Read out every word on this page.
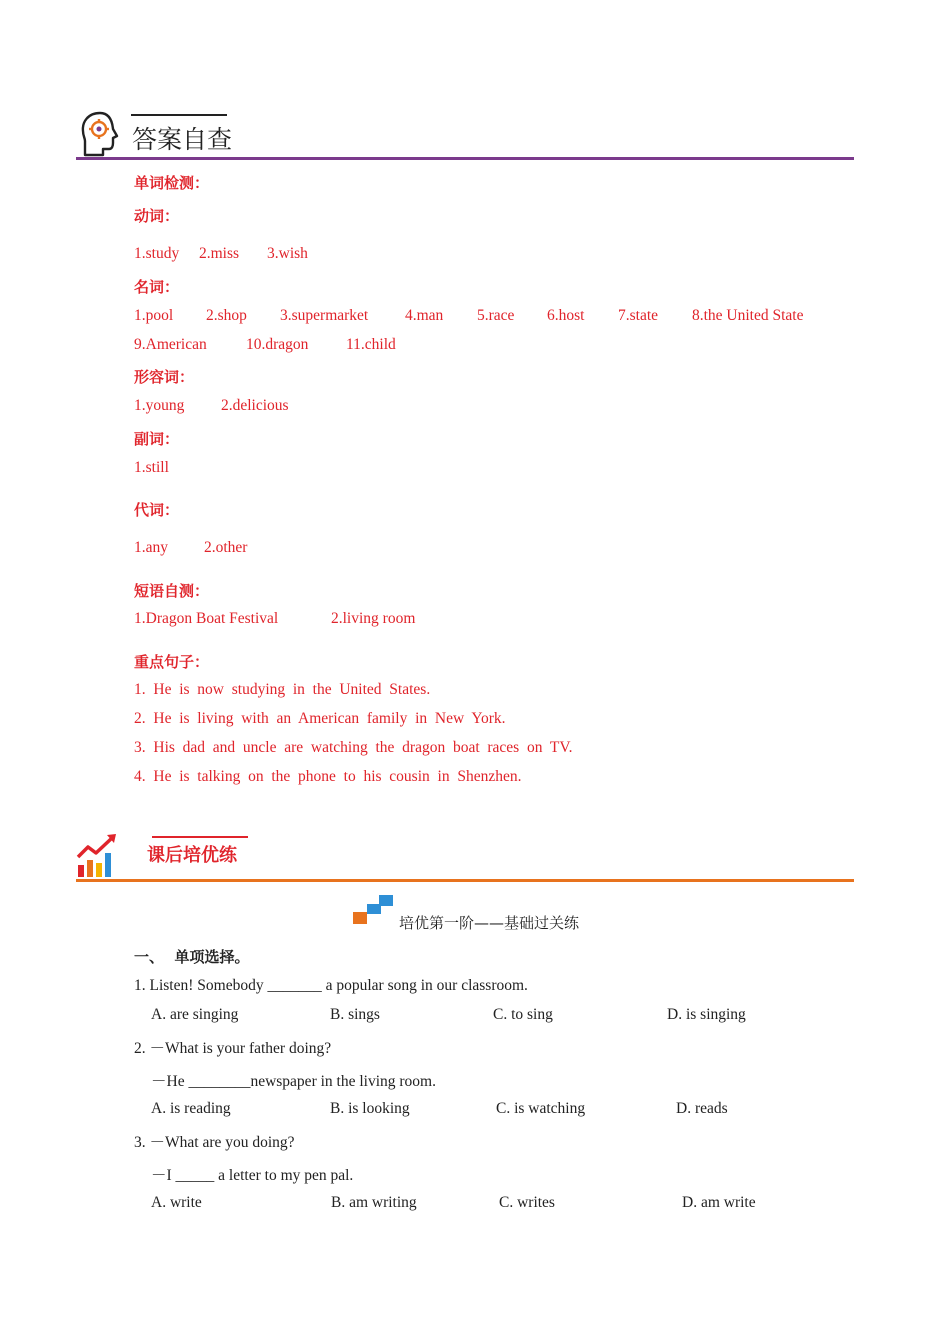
答案自查
单词检测：
动词：
1.study 2.miss 3.wish
名词：
1.pool 2.shop 3.supermarket 4.man 5.race 6.host 7.state 8.the United State
9.American	10.dragon 11.child
形容词：
1.young 2.delicious
副词：
1.still
代词：
1.any 2.other
短语自测：
1.Dragon Boat Festival	2.living room
重点句子：
1.  He  is  now  studying  in  the  United  States.
2.  He  is  living  with  an  American  family  in  New  York.
3.  His  dad  and  uncle  are  watching  the  dragon  boat  races  on  TV.
4.  He  is  talking  on  the  phone  to  his  cousin  in  Shenzhen.
课后培优练
培优第一阶——基础过关练
一、  单项选择。
1. Listen! Somebody _______ a popular song in our classroom.
A. are singing	B. sings	C. to sing	D. is singing
2. －What is your father doing?
－He ________newspaper in the living room.
A. is reading	B. is looking	C. is watching	D. reads
3. －What are you doing?
－I _____ a letter to my pen pal.
A. write	B. am writing	C. writes	D. am write
